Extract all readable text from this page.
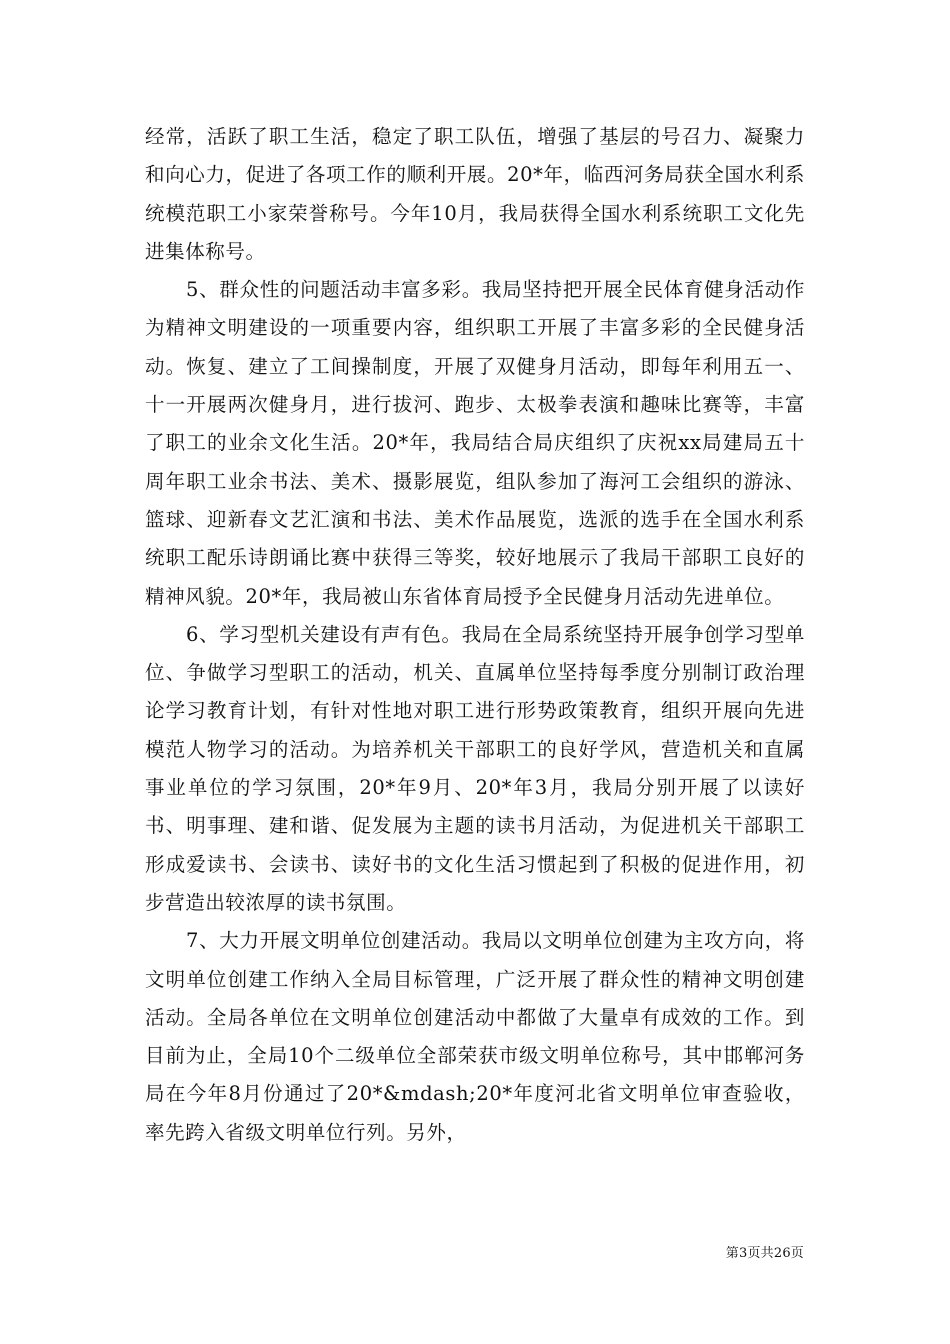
经常，活跃了职工生活，稳定了职工队伍，增强了基层的号召力、凝聚力和向心力，促进了各项工作的顺利开展。20*年，临西河务局获全国水利系统模范职工小家荣誉称号。今年10月，我局获得全国水利系统职工文化先进集体称号。

5、群众性的问题活动丰富多彩。我局坚持把开展全民体育健身活动作为精神文明建设的一项重要内容，组织职工开展了丰富多彩的全民健身活动。恢复、建立了工间操制度，开展了双健身月活动，即每年利用五一、十一开展两次健身月，进行拔河、跑步、太极拳表演和趣味比赛等，丰富了职工的业余文化生活。20*年，我局结合局庆组织了庆祝xx局建局五十周年职工业余书法、美术、摄影展览，组队参加了海河工会组织的游泳、篮球、迎新春文艺汇演和书法、美术作品展览，选派的选手在全国水利系统职工配乐诗朗诵比赛中获得三等奖，较好地展示了我局干部职工良好的精神风貌。20*年，我局被山东省体育局授予全民健身月活动先进单位。

6、学习型机关建设有声有色。我局在全局系统坚持开展争创学习型单位、争做学习型职工的活动，机关、直属单位坚持每季度分别制订政治理论学习教育计划，有针对性地对职工进行形势政策教育，组织开展向先进模范人物学习的活动。为培养机关干部职工的良好学风，营造机关和直属事业单位的学习氛围，20*年9月、20*年3月，我局分别开展了以读好书、明事理、建和谐、促发展为主题的读书月活动，为促进机关干部职工形成爱读书、会读书、读好书的文化生活习惯起到了积极的促进作用，初步营造出较浓厚的读书氛围。

7、大力开展文明单位创建活动。我局以文明单位创建为主攻方向，将文明单位创建工作纳入全局目标管理，广泛开展了群众性的精神文明创建活动。全局各单位在文明单位创建活动中都做了大量卓有成效的工作。到目前为止，全局10个二级单位全部荣获市级文明单位称号，其中邯郸河务局在今年8月份通过了20*&mdash;20*年度河北省文明单位审查验收，率先跨入省级文明单位行列。另外，

第3页共26页
